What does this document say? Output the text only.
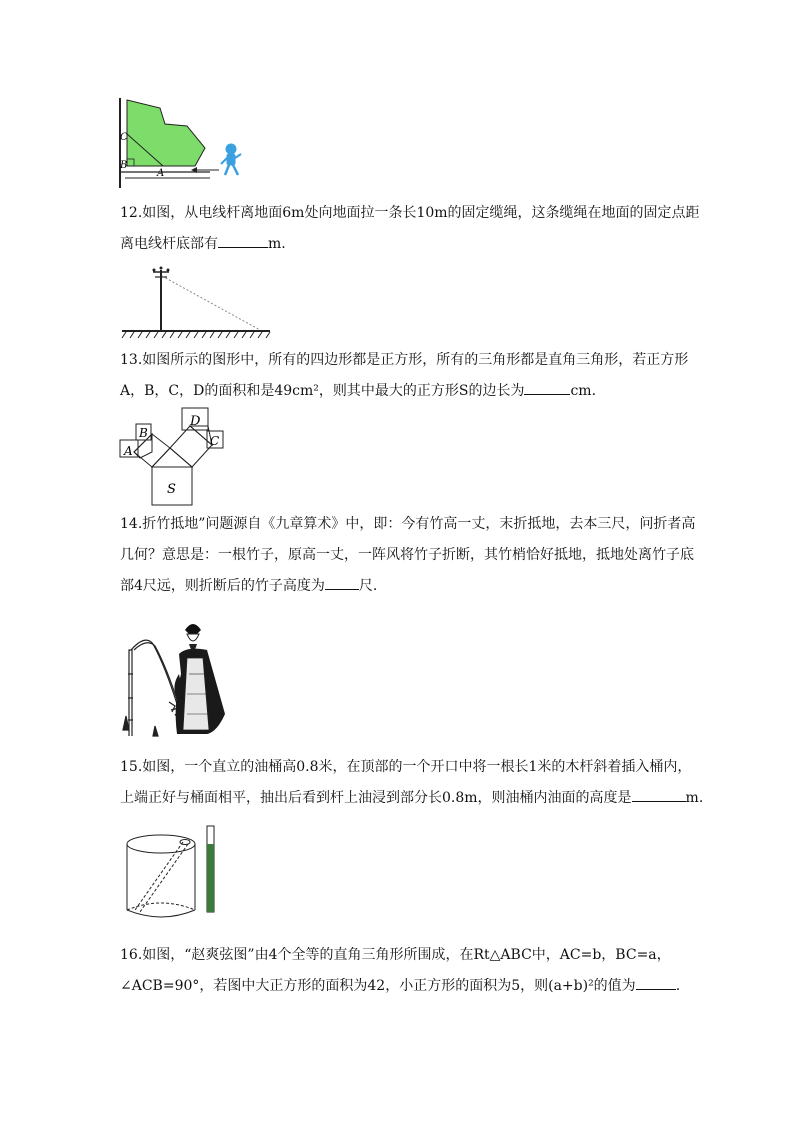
C
B
A

12.如图，从电线杆离地面6m处向地面拉一条长10m的固定缆绳，这条缆绳在地面的固定点距离电线杆底部有	m.

13.如图所示的图形中，所有的四边形都是正方形，所有的三角形都是直角三角形，若正方形A，B，C，D的面积和是49cm²，则其中最大的正方形S的边长为	cm.

A
B
C
D
S

14.折竹抵地”问题源自《九章算术》中，即：今有竹高一丈，末折抵地，去本三尺，问折者高几何？意思是：一根竹子，原高一丈，一阵风将竹子折断，其竹梢恰好抵地，抵地处离竹子底部4尺远，则折断后的竹子高度为 尺.

15.如图，一个直立的油桶高0.8米，在顶部的一个开口中将一根长1米的木杆斜着插入桶内，上端正好与桶面相平，抽出后看到杆上油浸到部分长0.8m，则油桶内油面的高度是	m.

16.如图，“赵爽弦图”由4个全等的直角三角形所围成，在Rt△ABC中，AC=b，BC=a，∠ACB=90°，若图中大正方形的面积为42，小正方形的面积为5，则(a+b)²的值为	.
